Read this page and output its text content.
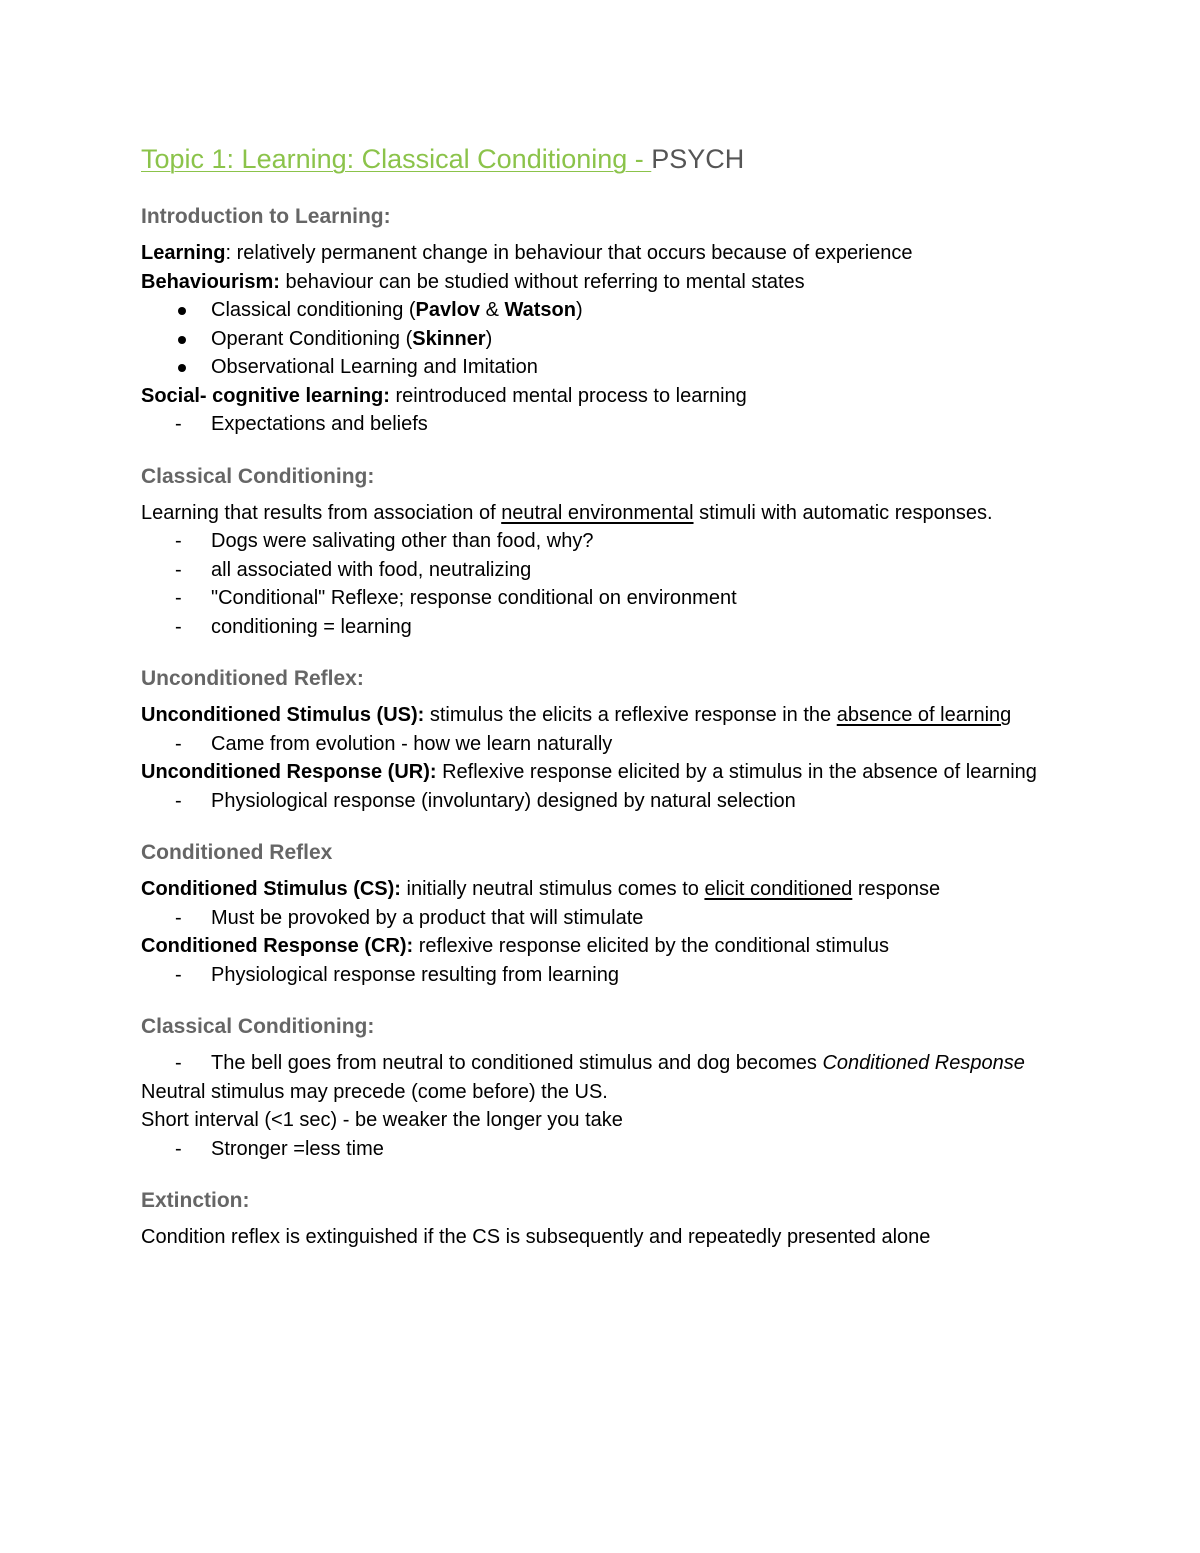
Topic 1: Learning: Classical Conditioning - PSYCH
Introduction to Learning:

Learning: relatively permanent change in behaviour that occurs because of experience

Behaviourism: behaviour can be studied without referring to mental states

Classical conditioning (Pavlov & Watson)
Operant Conditioning (Skinner)
Observational Learning and Imitation

Social- cognitive learning: reintroduced mental process to learning

- Expectations and beliefs
Classical Conditioning:

Learning that results from association of neutral environmental stimuli with automatic responses.

- Dogs were salivating other than food, why?
- all associated with food, neutralizing
- "Conditional" Reflexe; response conditional on environment
- conditioning = learning
Unconditioned Reflex:

Unconditioned Stimulus (US): stimulus the elicits a reflexive response in the absence of learning

- Came from evolution - how we learn naturally

Unconditioned Response (UR): Reflexive response elicited by a stimulus in the absence of learning

- Physiological response (involuntary) designed by natural selection
Conditioned Reflex

Conditioned Stimulus (CS): initially neutral stimulus comes to elicit conditioned response

- Must be provoked by a product that will stimulate

Conditioned Response (CR): reflexive response elicited by the conditional stimulus

- Physiological response resulting from learning
Classical Conditioning:
- The bell goes from neutral to conditioned stimulus and dog becomes Conditioned Response

Neutral stimulus may precede (come before) the US.

Short interval (<1 sec) - be weaker the longer you take

- Stronger =less time
Extinction:

Condition reflex is extinguished if the CS is subsequently and repeatedly presented alone
